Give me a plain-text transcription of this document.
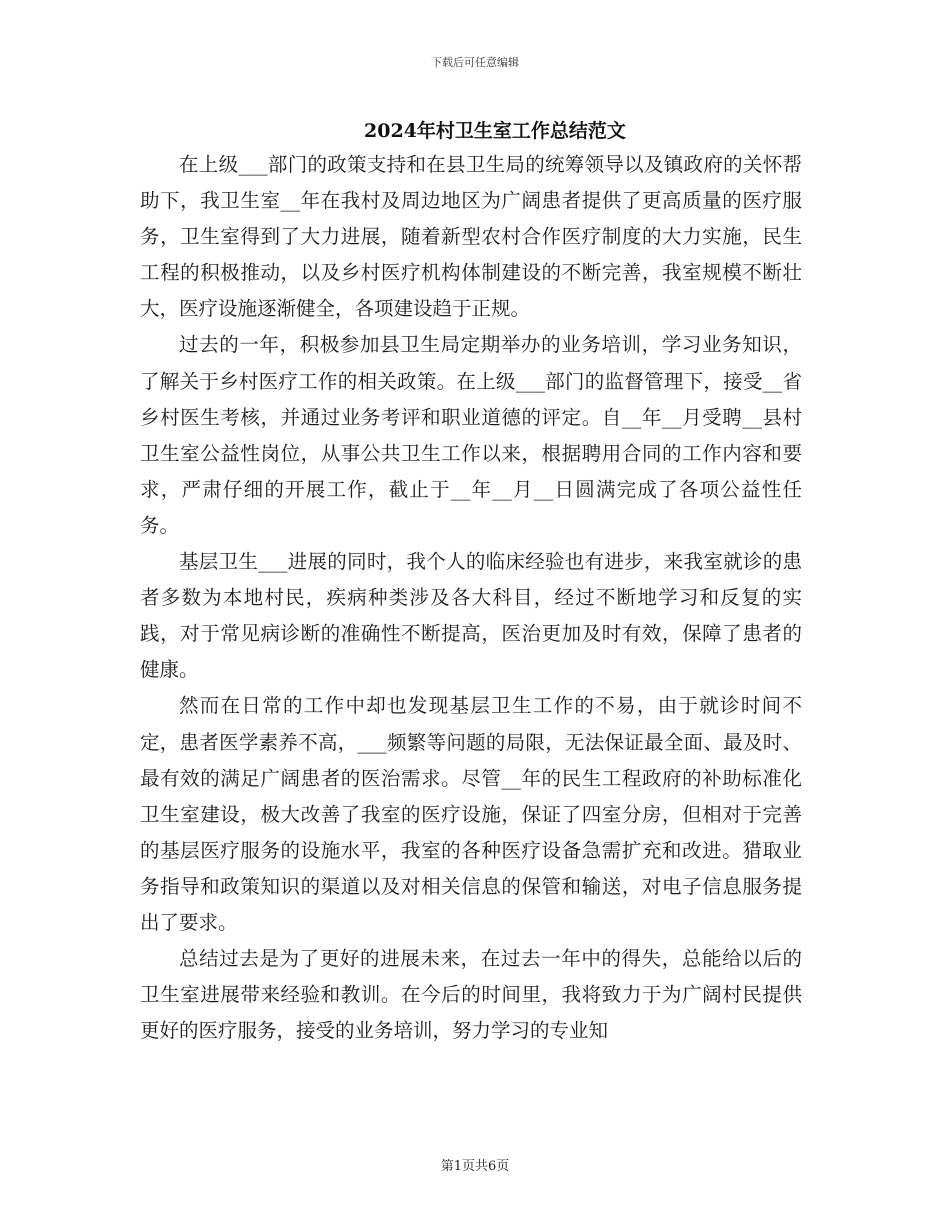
下载后可任意编辑
2024年村卫生室工作总结范文

在上级___部门的政策支持和在县卫生局的统筹领导以及镇政府的关怀帮助下，我卫生室__年在我村及周边地区为广阔患者提供了更高质量的医疗服务，卫生室得到了大力进展，随着新型农村合作医疗制度的大力实施，民生工程的积极推动，以及乡村医疗机构体制建设的不断完善，我室规模不断壮大，医疗设施逐渐健全，各项建设趋于正规。

过去的一年，积极参加县卫生局定期举办的业务培训，学习业务知识，了解关于乡村医疗工作的相关政策。在上级___部门的监督管理下，接受__省乡村医生考核，并通过业务考评和职业道德的评定。自__年__月受聘__县村卫生室公益性岗位，从事公共卫生工作以来，根据聘用合同的工作内容和要求，严肃仔细的开展工作，截止于__年__月__日圆满完成了各项公益性任务。

基层卫生___进展的同时，我个人的临床经验也有进步，来我室就诊的患者多数为本地村民，疾病种类涉及各大科目，经过不断地学习和反复的实践，对于常见病诊断的准确性不断提高，医治更加及时有效，保障了患者的健康。

然而在日常的工作中却也发现基层卫生工作的不易，由于就诊时间不定，患者医学素养不高，___频繁等问题的局限，无法保证最全面、最及时、最有效的满足广阔患者的医治需求。尽管__年的民生工程政府的补助标准化卫生室建设，极大改善了我室的医疗设施，保证了四室分房，但相对于完善的基层医疗服务的设施水平，我室的各种医疗设备急需扩充和改进。猎取业务指导和政策知识的渠道以及对相关信息的保管和输送，对电子信息服务提出了要求。

总结过去是为了更好的进展未来，在过去一年中的得失，总能给以后的卫生室进展带来经验和教训。在今后的时间里，我将致力于为广阔村民提供更好的医疗服务，接受的业务培训，努力学习的专业知

第1页共6页
